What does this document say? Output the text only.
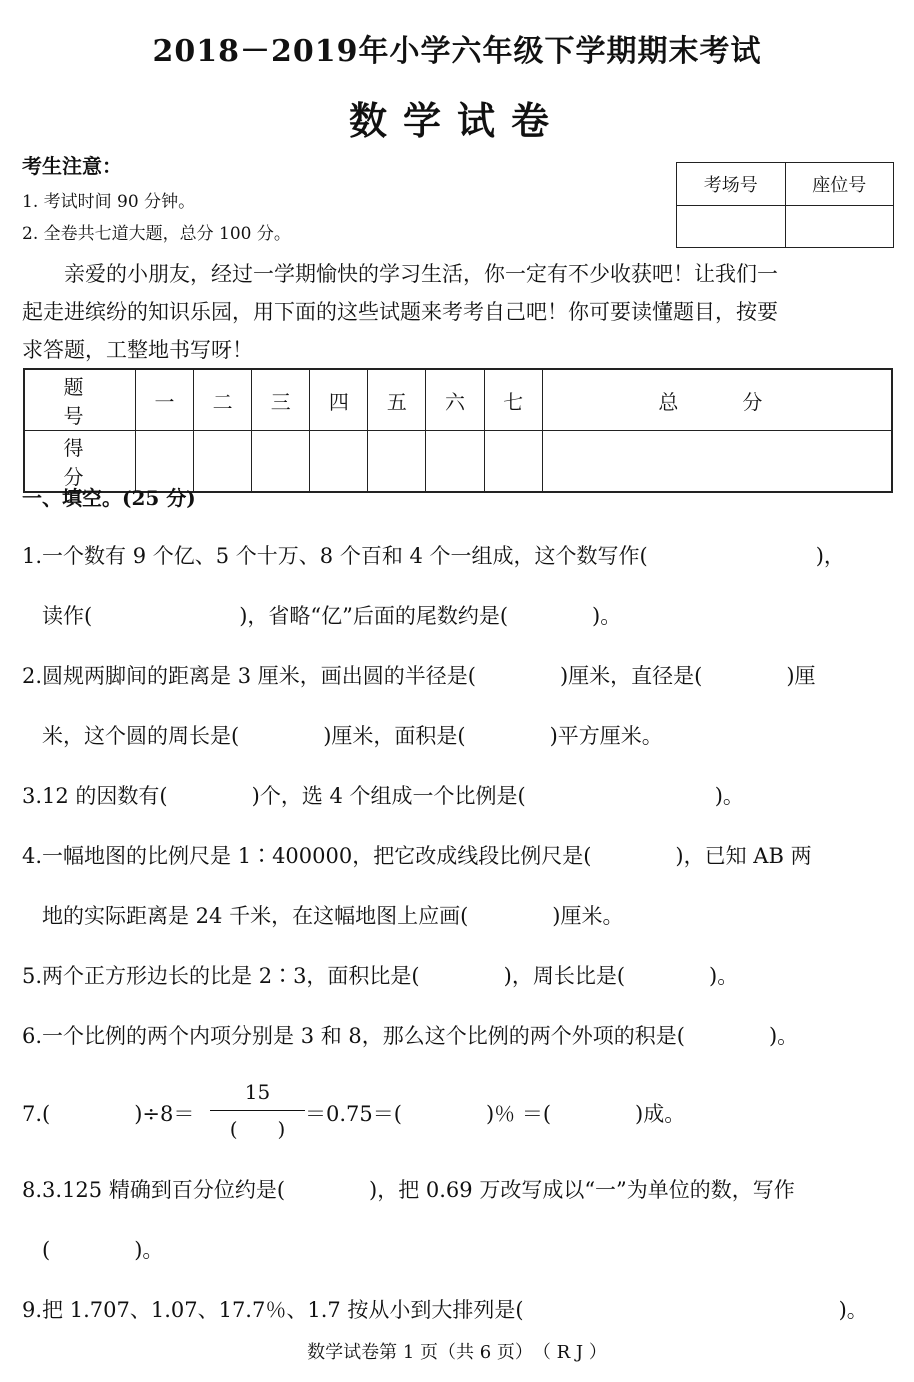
2018－2019年小学六年级下学期期末考试
数学试卷
考生注意：
1. 考试时间 90 分钟。
2. 全卷共七道大题，总分 100 分。
考场号	座位号

　　亲爱的小朋友，经过一学期愉快的学习生活，你一定有不少收获吧！让我们一
起走进缤纷的知识乐园，用下面的这些试题来考考自己吧！你可要读懂题目，按要
求答题，工整地书写呀！
题　号	一	二	三	四	五	六	七	总　分
得　分								
一、填空。(25 分)
1.一个数有 9 个亿、5 个十万、8 个百和 4 个一组成，这个数写作(　　　　　　　　)，
读作(　　　　　　　)，省略“亿”后面的尾数约是(　　　　)。
2.圆规两脚间的距离是 3 厘米，画出圆的半径是(　　　　)厘米，直径是(　　　　)厘
米，这个圆的周长是(　　　　)厘米，面积是(　　　　)平方厘米。
3.12 的因数有(　　　　)个，选 4 个组成一个比例是(　　　　　　　　　)。
4.一幅地图的比例尺是 1∶400000，把它改成线段比例尺是(　　　　)，已知 AB 两
地的实际距离是 24 千米，在这幅地图上应画(　　　　)厘米。
5.两个正方形边长的比是 2∶3，面积比是(　　　　)，周长比是(　　　　)。
6.一个比例的两个内项分别是 3 和 8，那么这个比例的两个外项的积是(　　　　)。
7.(　　　　)÷8＝
15
(　　)
＝0.75＝(　　　　)％ ＝(　　　　)成。
8.3.125 精确到百分位约是(　　　　)，把 0.69 万改写成以“一”为单位的数，写作
(　　　　)。
9.把 1.707、1.07、17.7％、1.7 按从小到大排列是(　　　　　　　　　　　　　　　)。
数学试卷第 1 页（共 6 页）　（ R J ）
